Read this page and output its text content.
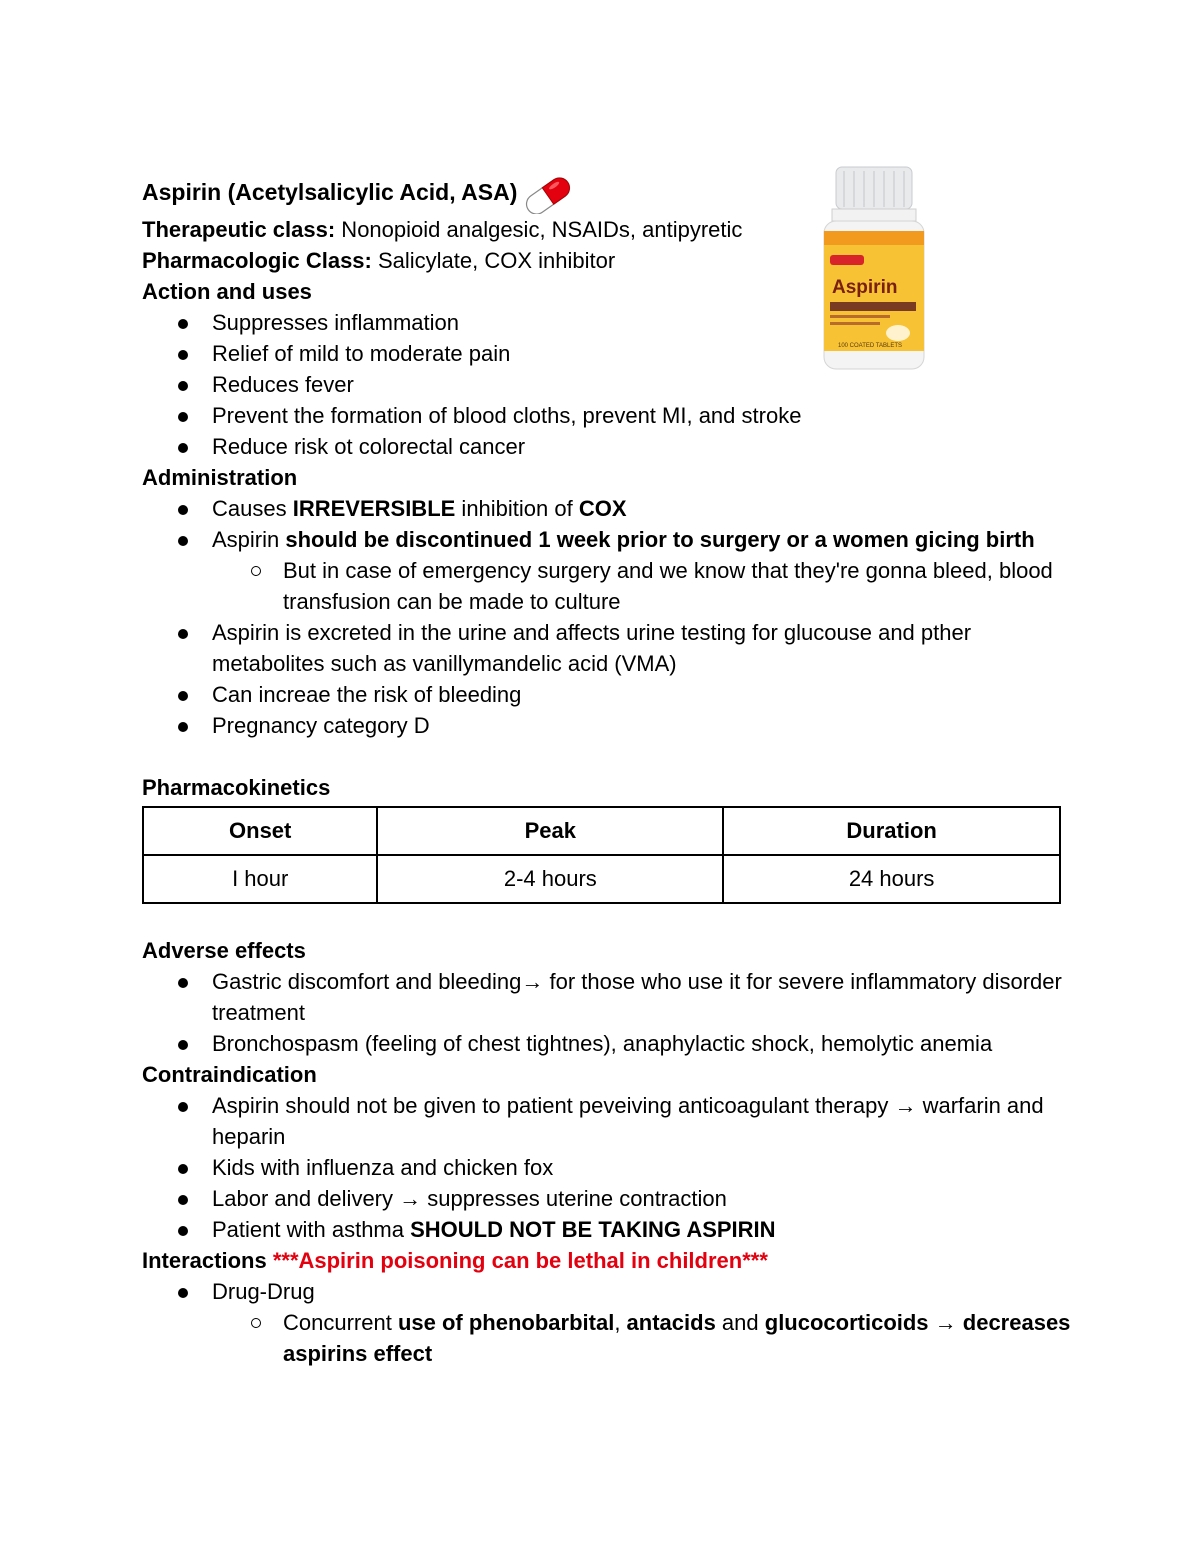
Aspirin
100 COATED TABLETS

Aspirin (Acetylsalicylic Acid, ASA)

Therapeutic class: Nonopioid analgesic, NSAIDs, antipyretic

Pharmacologic Class: Salicylate, COX inhibitor

Action and uses

Suppresses inflammation
Relief of mild to moderate pain
Reduces fever
Prevent the formation of blood cloths, prevent MI, and stroke
Reduce risk ot colorectal cancer

Administration

Causes IRREVERSIBLE inhibition of COX
Aspirin should be discontinued 1 week prior to surgery or a women gicing birth
But in case of emergency surgery and we know that they're gonna bleed, blood transfusion can be made to culture
Aspirin is excreted in the urine and affects urine testing for gluc​ouse and pther metabolites such as vanillymandelic acid (VMA)
Can increae the risk of bleeding
Pregnancy category D

Pharmacokinetics

Onset	Peak	Duration
I hour	2-4 hours	24 hours

Adverse effects

Gastric discomfort and bleeding→ for those who use it for severe inflammatory disorder treatment
Bronchospasm (feeling of chest tightnes), anaphylactic shock, hemolytic anemia

Contraindication

Aspirin should not be given to patient peveiving anticoagulant therapy → warfarin and heparin
Kids with influenza and chicken fox
Labor and delivery → suppresses uterine contraction
Patient with asthma SHOULD NOT BE TAKING ASPIRIN

Interactions ***Aspirin poisoning can be lethal in children***

Drug-Drug
Concurrent use of phenobarbital, antacids and glucocorticoids → decreases aspirins effect
